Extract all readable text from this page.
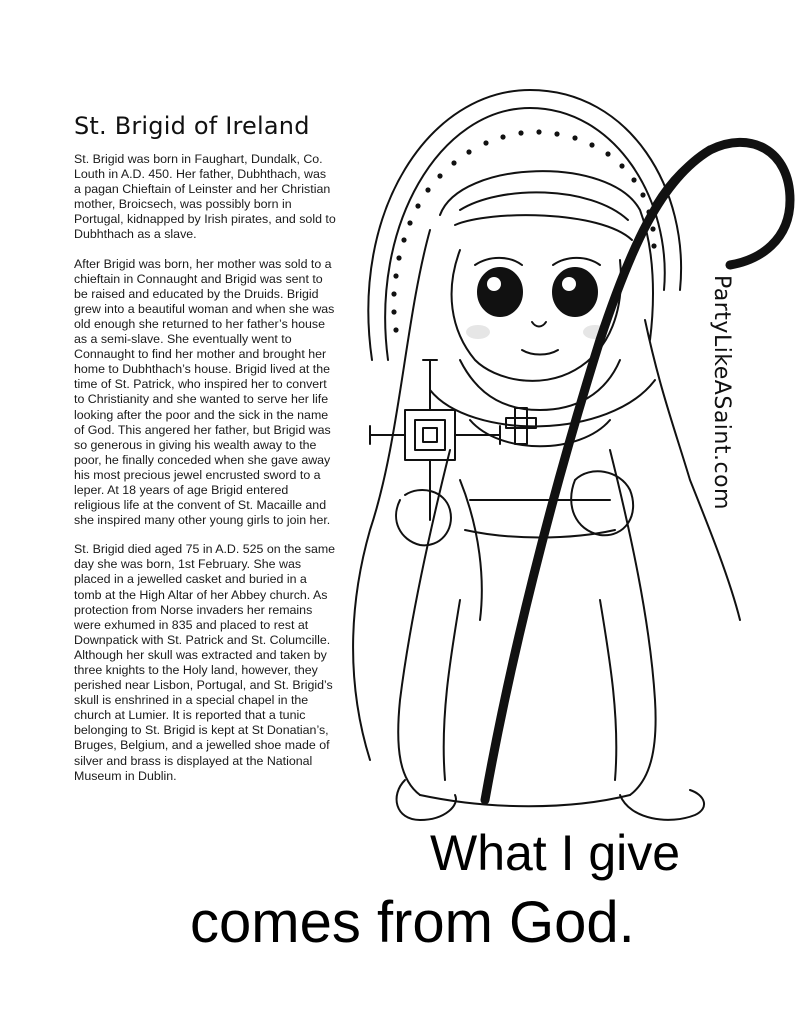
St. Brigid of Ireland

St. Brigid was born in Faughart, Dundalk, Co. Louth in A.D. 450. Her father, Dubhthach, was a pagan Chieftain of Leinster and her Christian mother, Broicsech, was possibly born in Portugal, kidnapped by Irish pirates, and sold to Dubhthach as a slave.

After Brigid was born, her mother was sold to a chieftain in Connaught and Brigid was sent to be raised and educated by the Druids. Brigid grew into a beautiful woman and when she was old enough she returned to her father’s house as a semi-slave. She eventually went to Connaught to find her mother and brought her home to Dubhthach’s house. Brigid lived at the time of St. Patrick, who inspired her to convert to Christianity and she wanted to serve her life looking after the poor and the sick in the name of God. This angered her father, but Brigid was so generous in giving his wealth away to the poor, he finally conceded when she gave away his most precious jewel encrusted sword to a leper. At 18 years of age Brigid entered religious life at the convent of St. Macaille and she inspired many other young girls to join her.

St. Brigid died aged 75 in A.D. 525 on the same day she was born, 1st February. She was placed in a jewelled casket and buried in a tomb at the High Altar of her Abbey church. As protection from Norse invaders her remains were exhumed in 835 and placed to rest at Downpatick with St. Patrick and St. Columcille. Although her skull was extracted and taken by three knights to the Holy land, however, they perished near Lisbon, Portugal, and St. Brigid’s skull is enshrined in a special chapel in the church at Lumier. It is reported that a tunic belonging to St. Brigid is kept at St Donatian’s, Bruges, Belgium, and a jewelled shoe made of silver and brass is displayed at the National Museum in Dublin.

PartyLikeASaint.com
What I give
comes from God.
